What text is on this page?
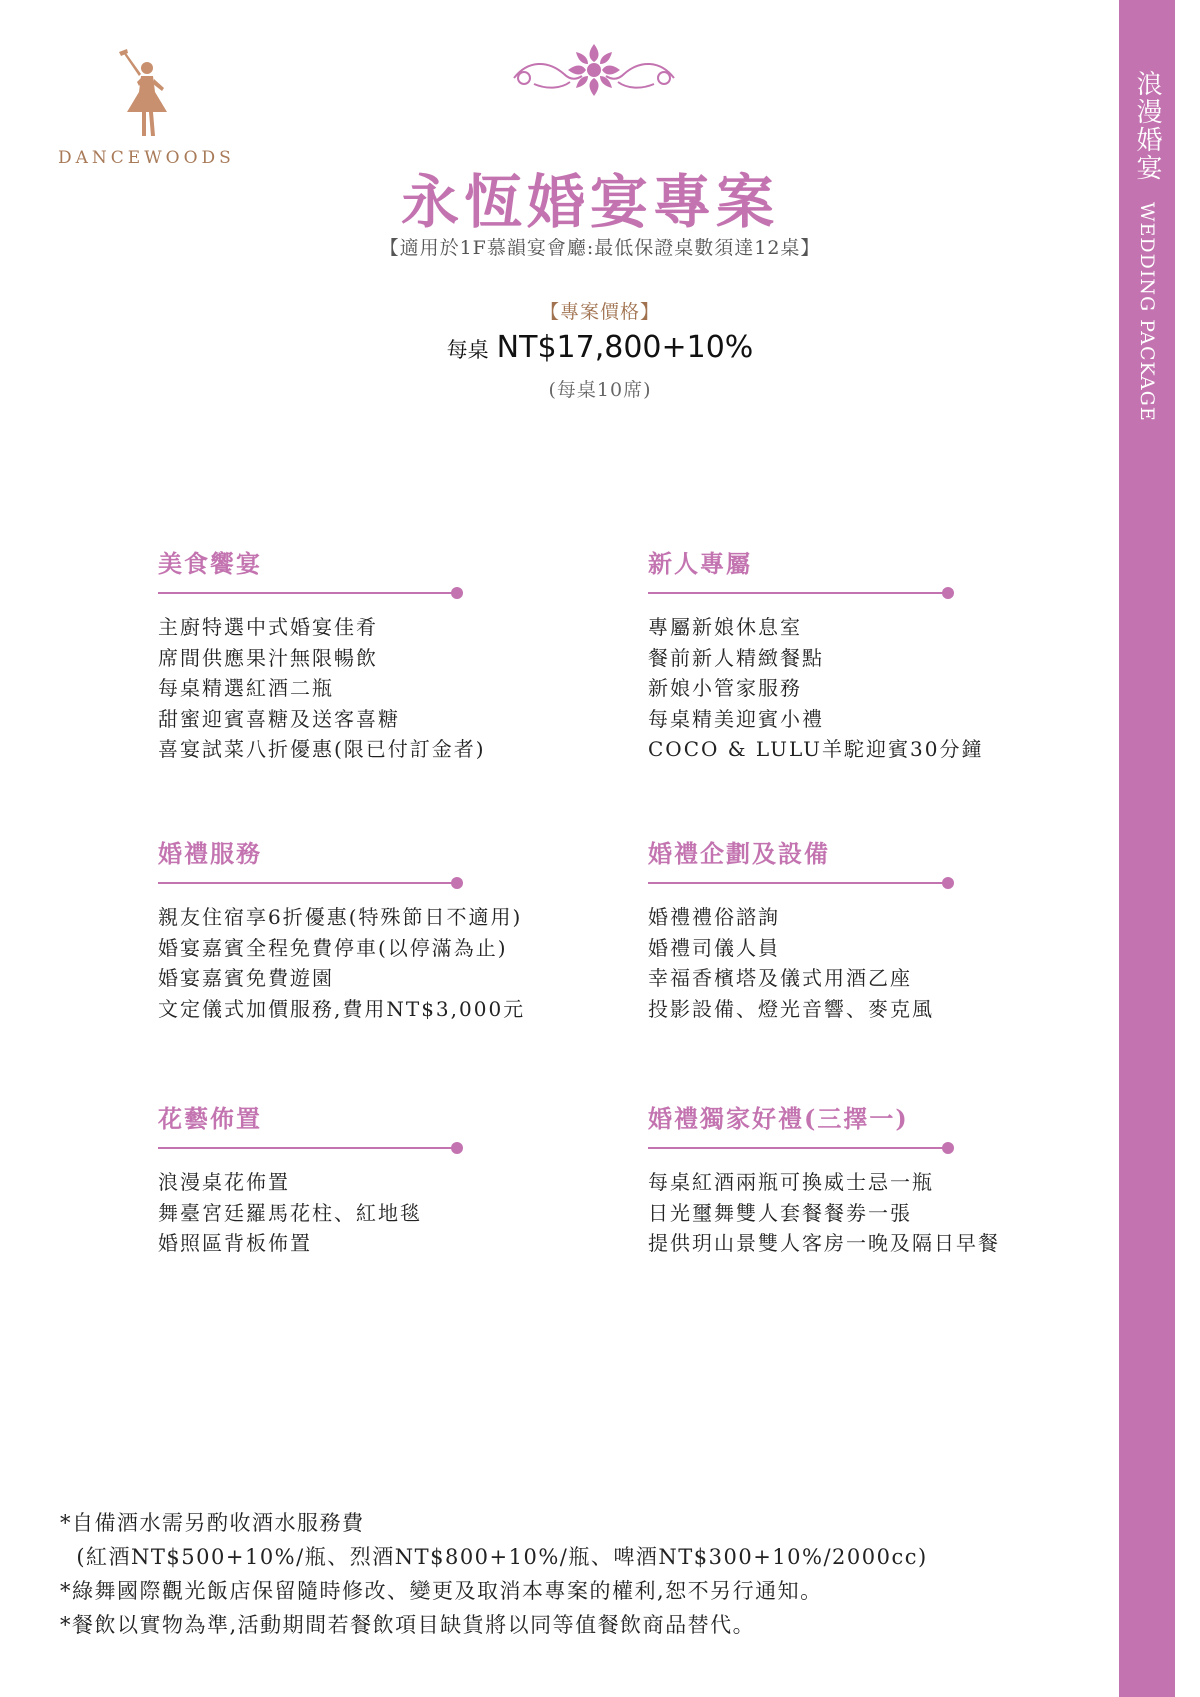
浪漫婚宴 WEDDING PACKAGE
DANCEWOODS
永恆婚宴專案
【適用於1F慕韻宴會廳:最低保證桌數須達12桌】
【專案價格】
每桌 NT$17,800+10%
(每桌10席)
美食饗宴
主廚特選中式婚宴佳肴
席間供應果汁無限暢飲
每桌精選紅酒二瓶
甜蜜迎賓喜糖及送客喜糖
喜宴試菜八折優惠(限已付訂金者)
新人專屬
專屬新娘休息室
餐前新人精緻餐點
新娘小管家服務
每桌精美迎賓小禮
COCO & LULU羊駝迎賓30分鐘
婚禮服務
親友住宿享6折優惠(特殊節日不適用)
婚宴嘉賓全程免費停車(以停滿為止)
婚宴嘉賓免費遊園
文定儀式加價服務,費用NT$3,000元
婚禮企劃及設備
婚禮禮俗諮詢
婚禮司儀人員
幸福香檳塔及儀式用酒乙座
投影設備、燈光音響、麥克風
花藝佈置
浪漫桌花佈置
舞臺宮廷羅馬花柱、紅地毯
婚照區背板佈置
婚禮獨家好禮(三擇一)
每桌紅酒兩瓶可換威士忌一瓶
日光璽舞雙人套餐餐劵一張
提供玥山景雙人客房一晚及隔日早餐
*自備酒水需另酌收酒水服務費
(紅酒NT$500+10%/瓶、烈酒NT$800+10%/瓶、啤酒NT$300+10%/2000cc)
*綠舞國際觀光飯店保留隨時修改、變更及取消本專案的權利,恕不另行通知。
*餐飲以實物為準,活動期間若餐飲項目缺貨將以同等值餐飲商品替代。
